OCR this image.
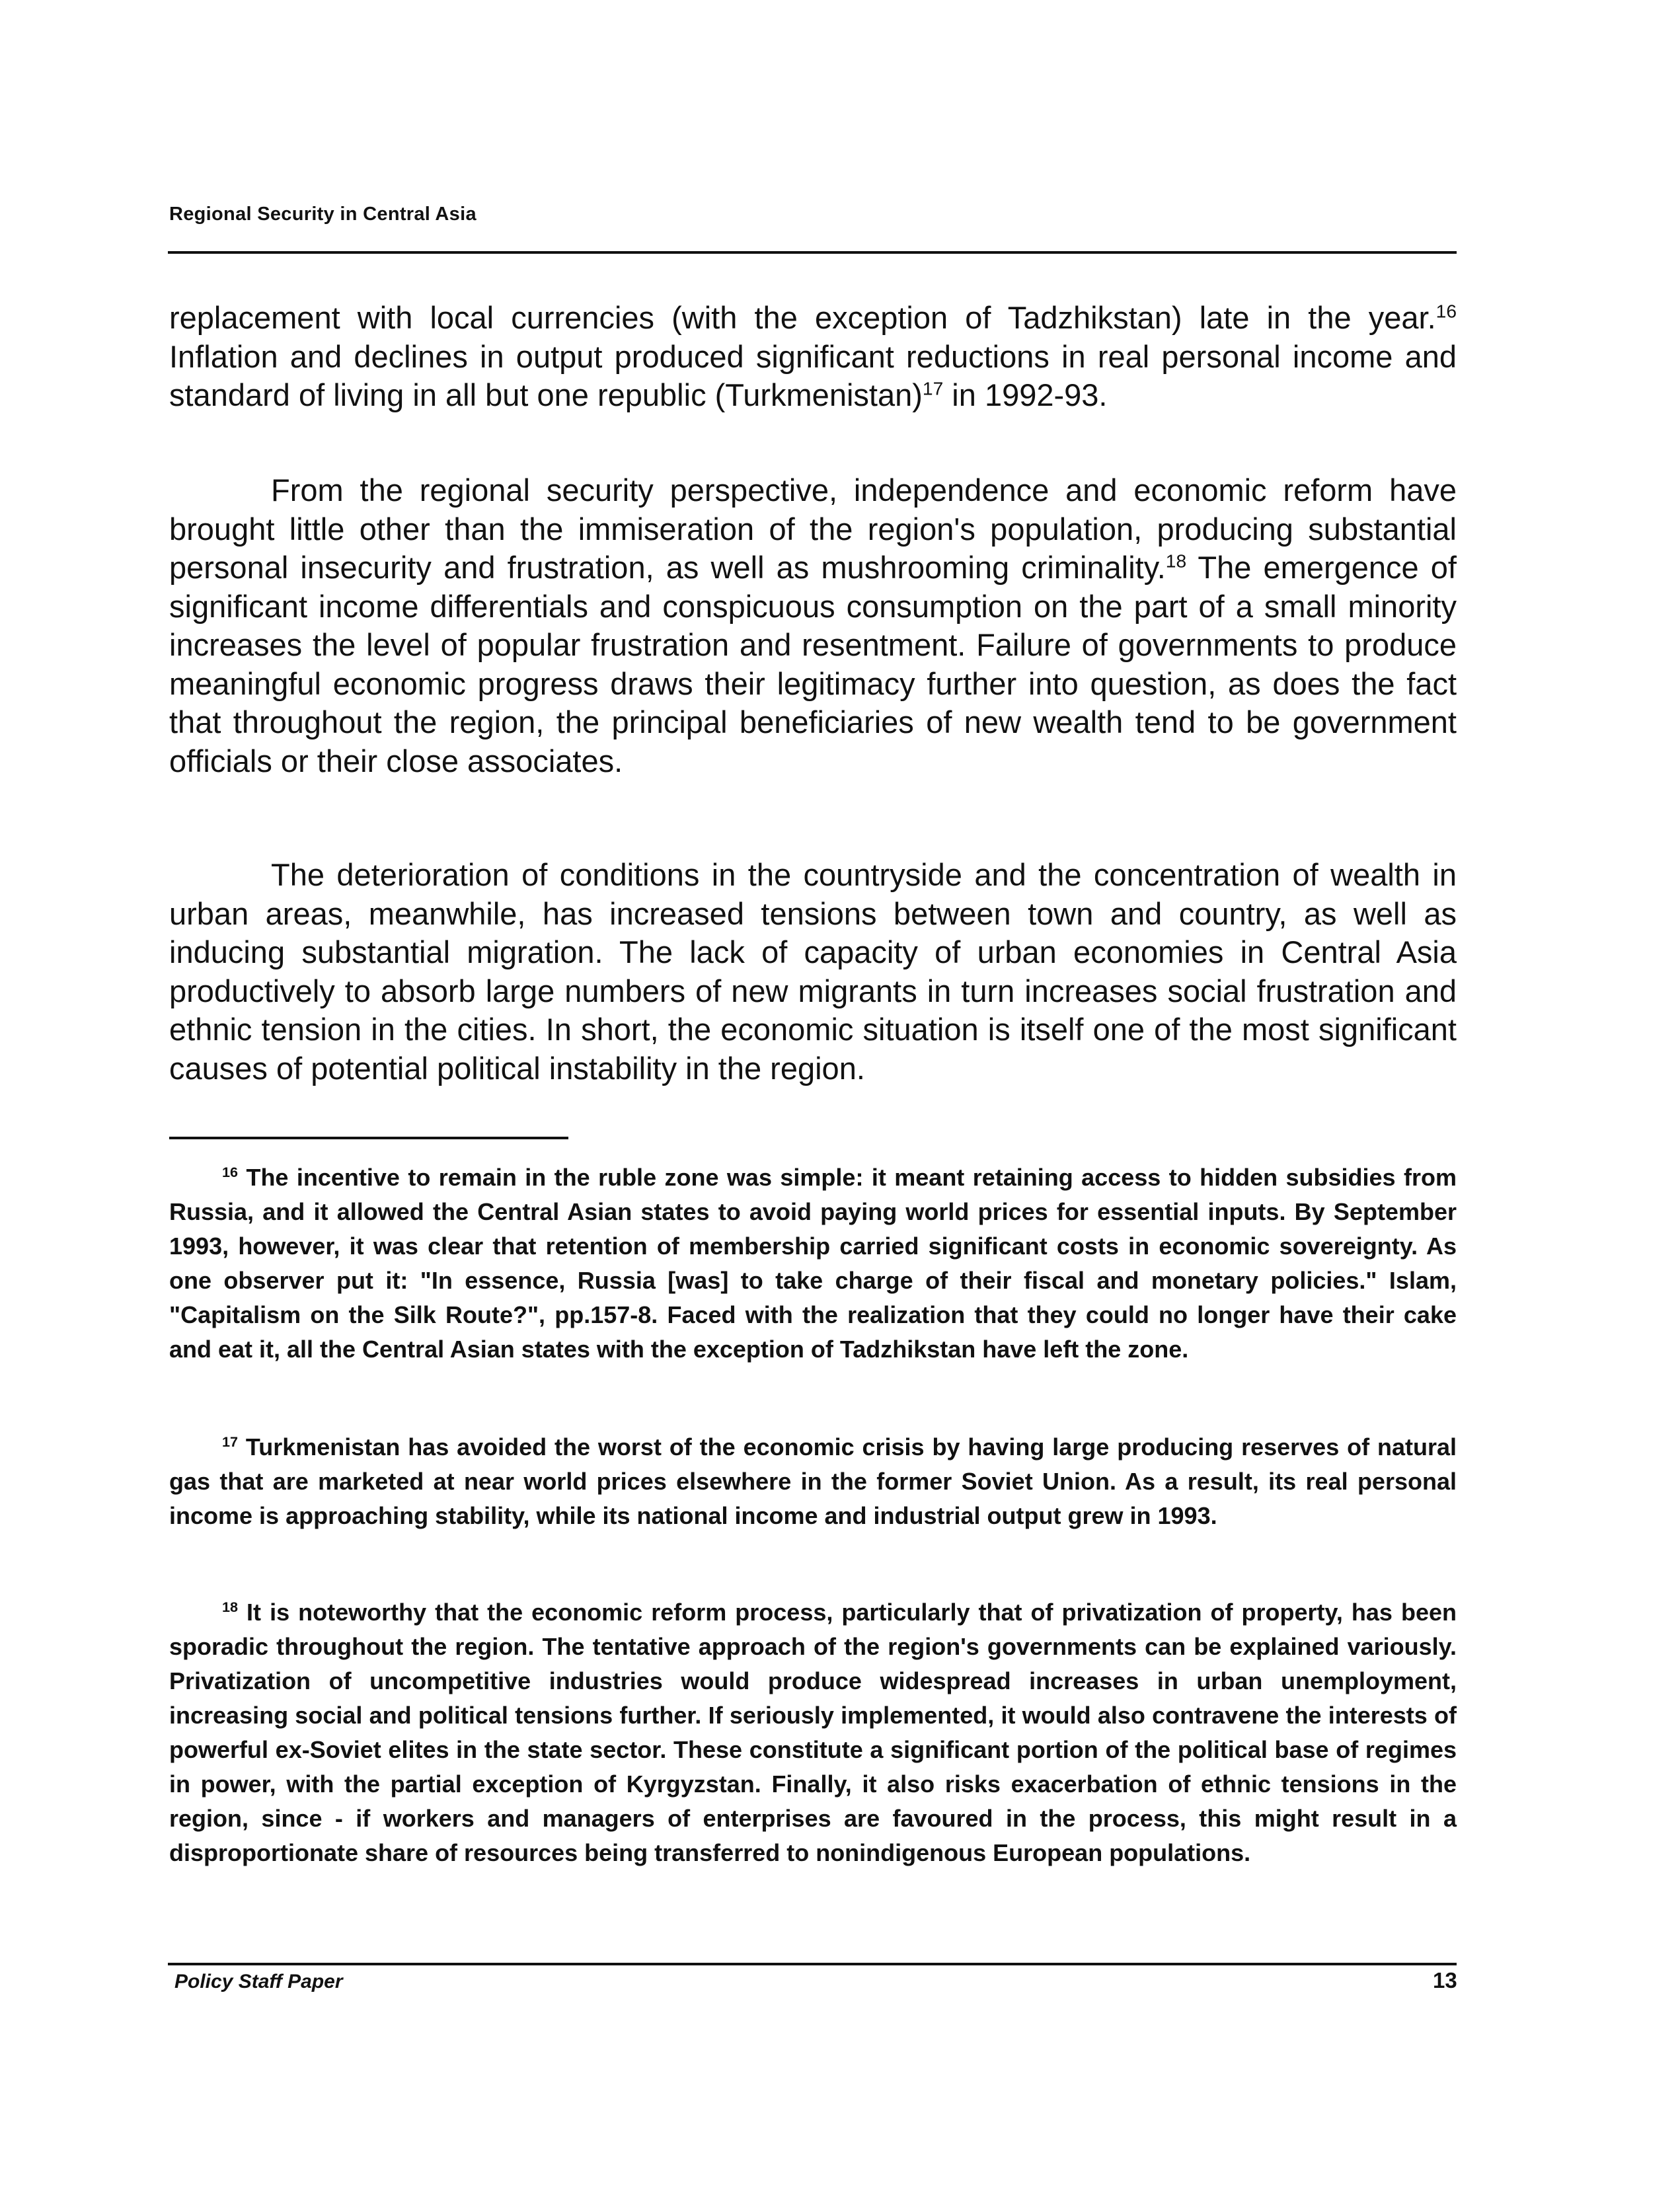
Regional Security in Central Asia

replacement with local currencies (with the exception of Tadzhikstan) late in the year.$^{16}$ Inflation and declines in output produced significant reductions in real personal income and standard of living in all but one republic (Turkmenistan)$^{17}$ in 1992-93.

From the regional security perspective, independence and economic reform have brought little other than the immiseration of the region's population, producing substantial personal insecurity and frustration, as well as mushrooming criminality.$^{18}$ The emergence of significant income differentials and conspicuous consumption on the part of a small minority increases the level of popular frustration and resentment. Failure of governments to produce meaningful economic progress draws their legitimacy further into question, as does the fact that throughout the region, the principal beneficiaries of new wealth tend to be government officials or their close associates.

The deterioration of conditions in the countryside and the concentration of wealth in urban areas, meanwhile, has increased tensions between town and country, as well as inducing substantial migration. The lack of capacity of urban economies in Central Asia productively to absorb large numbers of new migrants in turn increases social frustration and ethnic tension in the cities. In short, the economic situation is itself one of the most significant causes of potential political instability in the region.

$^{16}$ The incentive to remain in the ruble zone was simple: it meant retaining access to hidden subsidies from Russia, and it allowed the Central Asian states to avoid paying world prices for essential inputs. By September 1993, however, it was clear that retention of membership carried significant costs in economic sovereignty. As one observer put it: "In essence, Russia [was] to take charge of their fiscal and monetary policies." Islam, "Capitalism on the Silk Route?", pp.157-8. Faced with the realization that they could no longer have their cake and eat it, all the Central Asian states with the exception of Tadzhikstan have left the zone.

$^{17}$ Turkmenistan has avoided the worst of the economic crisis by having large producing reserves of natural gas that are marketed at near world prices elsewhere in the former Soviet Union. As a result, its real personal income is approaching stability, while its national income and industrial output grew in 1993.

$^{18}$ It is noteworthy that the economic reform process, particularly that of privatization of property, has been sporadic throughout the region. The tentative approach of the region's governments can be explained variously. Privatization of uncompetitive industries would produce widespread increases in urban unemployment, increasing social and political tensions further. If seriously implemented, it would also contravene the interests of powerful ex-Soviet elites in the state sector. These constitute a significant portion of the political base of regimes in power, with the partial exception of Kyrgyzstan. Finally, it also risks exacerbation of ethnic tensions in the region, since - if workers and managers of enterprises are favoured in the process, this might result in a disproportionate share of resources being transferred to nonindigenous European populations.

Policy Staff Paper	13
